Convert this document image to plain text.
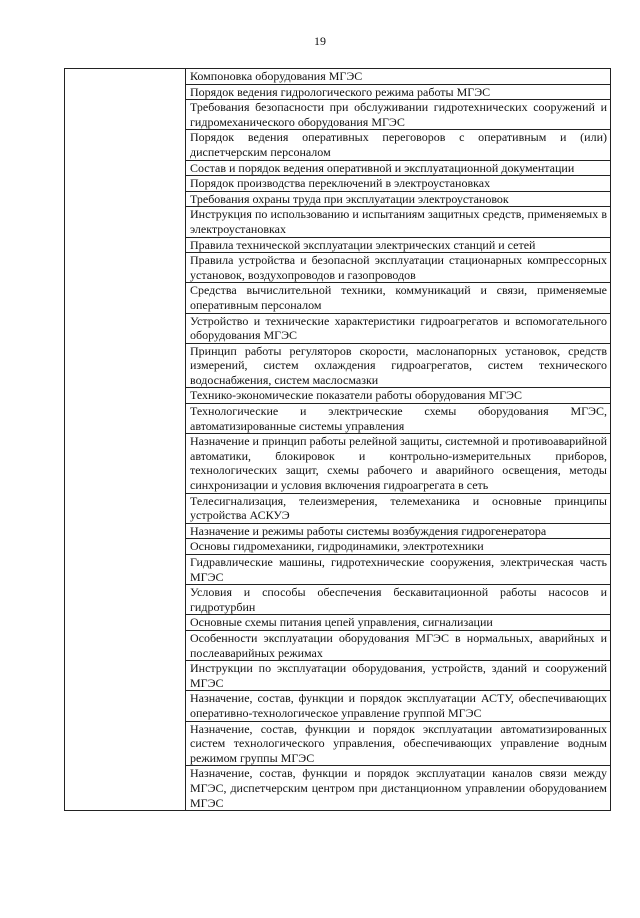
19
	Компоновка оборудования МГЭС
Порядок ведения гидрологического режима работы МГЭС
Требования безопасности при обслуживании гидротехнических сооружений и гидромеханического оборудования МГЭС
Порядок ведения оперативных переговоров с оперативным и (или) диспетчерским персоналом
Состав и порядок ведения оперативной и эксплуатационной документации
Порядок производства переключений в электроустановках
Требования охраны труда при эксплуатации электроустановок
Инструкция по использованию и испытаниям защитных средств, применяемых в электроустановках
Правила технической эксплуатации электрических станций и сетей
Правила устройства и безопасной эксплуатации стационарных компрессорных установок, воздухопроводов и газопроводов
Средства вычислительной техники, коммуникаций и связи, применяемые оперативным персоналом
Устройство и технические характеристики гидроагрегатов и вспомогательного оборудования МГЭС
Принцип работы регуляторов скорости, маслонапорных установок, средств измерений, систем охлаждения гидроагрегатов, систем технического водоснабжения, систем маслосмазки
Технико-экономические показатели работы оборудования МГЭС
Технологические и электрические схемы оборудования МГЭС, автоматизированные системы управления
Назначение и принцип работы релейной защиты, системной и противоаварийной автоматики, блокировок и контрольно-измерительных приборов, технологических защит, схемы рабочего и аварийного освещения, методы синхронизации и условия включения гидроагрегата в сеть
Телесигнализация, телеизмерения, телемеханика и основные принципы устройства АСКУЭ
Назначение и режимы работы системы возбуждения гидрогенератора
Основы гидромеханики, гидродинамики, электротехники
Гидравлические машины, гидротехнические сооружения, электрическая часть МГЭС
Условия и способы обеспечения бескавитационной работы насосов и гидротурбин
Основные схемы питания цепей управления, сигнализации
Особенности эксплуатации оборудования МГЭС в нормальных, аварийных и послеаварийных режимах
Инструкции по эксплуатации оборудования, устройств, зданий и сооружений МГЭС
Назначение, состав, функции и порядок эксплуатации АСТУ, обеспечивающих оперативно-технологическое управление группой МГЭС
Назначение, состав, функции и порядок эксплуатации автоматизированных систем технологического управления, обеспечивающих управление водным режимом группы МГЭС
Назначение, состав, функции и порядок эксплуатации каналов связи между МГЭС, диспетчерским центром при дистанционном управлении оборудованием МГЭС
